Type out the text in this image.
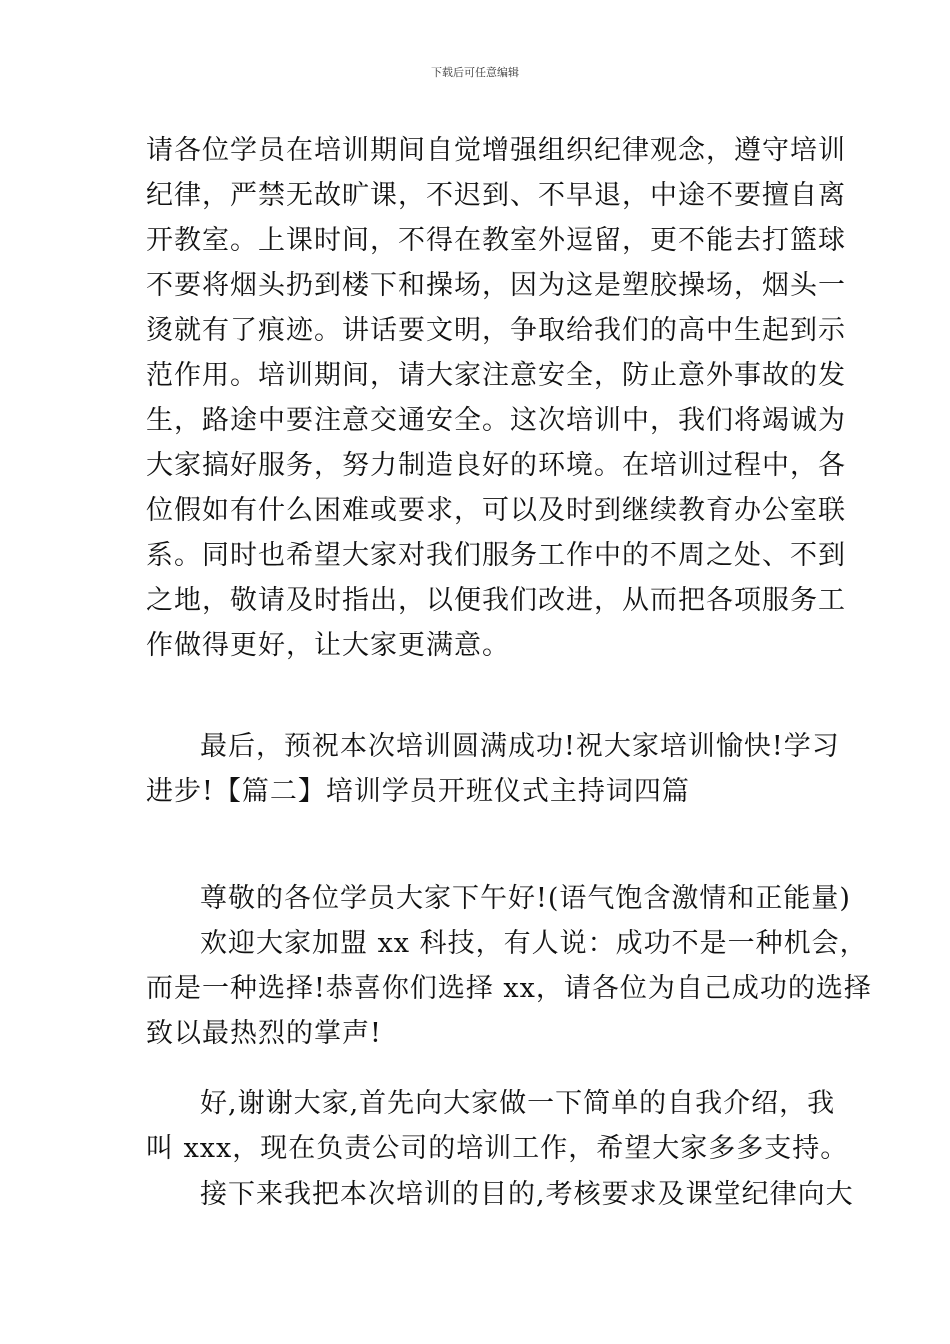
下载后可任意编辑
请各位学员在培训期间自觉增强组织纪律观念，遵守培训
纪律，严禁无故旷课，不迟到、不早退，中途不要擅自离
开教室。上课时间，不得在教室外逗留，更不能去打篮球
不要将烟头扔到楼下和操场，因为这是塑胶操场，烟头一
烫就有了痕迹。讲话要文明，争取给我们的高中生起到示
范作用。培训期间，请大家注意安全，防止意外事故的发
生，路途中要注意交通安全。这次培训中，我们将竭诚为
大家搞好服务，努力制造良好的环境。在培训过程中，各
位假如有什么困难或要求，可以及时到继续教育办公室联
系。同时也希望大家对我们服务工作中的不周之处、不到
之地，敬请及时指出，以便我们改进，从而把各项服务工
作做得更好，让大家更满意。
最后，预祝本次培训圆满成功!祝大家培训愉快!学习
进步!【篇二】培训学员开班仪式主持词四篇
尊敬的各位学员大家下午好!(语气饱含激情和正能量)
欢迎大家加盟 xx 科技，有人说：成功不是一种机会，
而是一种选择!恭喜你们选择 xx，请各位为自己成功的选择
致以最热烈的掌声!
好,谢谢大家,首先向大家做一下简单的自我介绍，我
叫 xxx，现在负责公司的培训工作，希望大家多多支持。
接下来我把本次培训的目的,考核要求及课堂纪律向大
